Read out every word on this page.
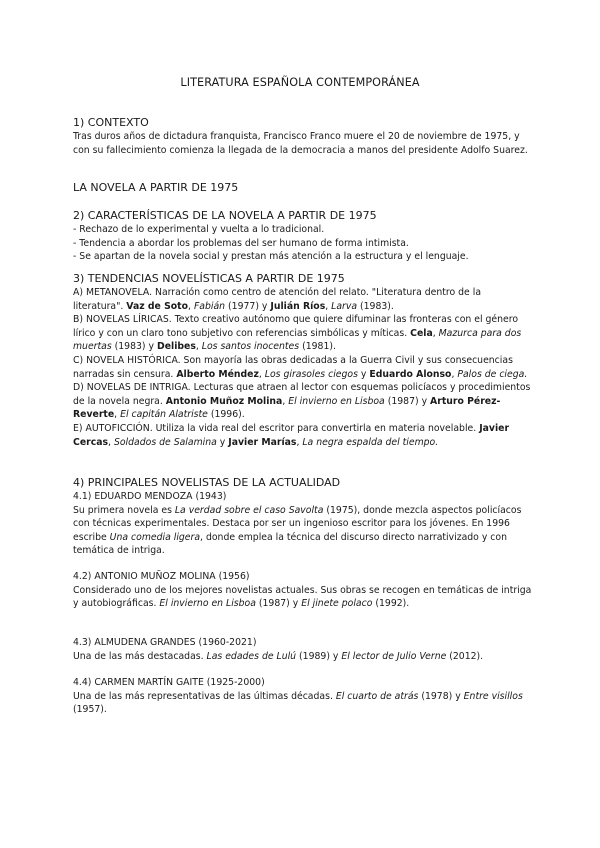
LITERATURA ESPAÑOLA CONTEMPORÁNEA
1) CONTEXTO

Tras duros años de dictadura franquista, Francisco Franco muere el 20 de noviembre de 1975, y con su fallecimiento comienza la llegada de la democracia a manos del presidente Adolfo Suarez.

LA NOVELA A PARTIR DE 1975
2) CARACTERÍSTICAS DE LA NOVELA A PARTIR DE 1975

- Rechazo de lo experimental y vuelta a lo tradicional.

- Tendencia a abordar los problemas del ser humano de forma intimista.

- Se apartan de la novela social y prestan más atención a la estructura y el lenguaje.

3) TENDENCIAS NOVELÍSTICAS A PARTIR DE 1975

A) METANOVELA. Narración como centro de atención del relato. "Literatura dentro de la literatura". Vaz de Soto, Fabián (1977) y Julián Ríos, Larva (1983).

B) NOVELAS LÍRICAS. Texto creativo autónomo que quiere difuminar las fronteras con el género lírico y con un claro tono subjetivo con referencias simbólicas y míticas. Cela, Mazurca para dos muertas (1983) y Delibes, Los santos inocentes (1981).

C) NOVELA HISTÓRICA. Son mayoría las obras dedicadas a la Guerra Civil y sus consecuencias narradas sin censura. Alberto Méndez, Los girasoles ciegos y Eduardo Alonso, Palos de ciega.

D) NOVELAS DE INTRIGA. Lecturas que atraen al lector con esquemas policíacos y procedimientos de la novela negra. Antonio Muñoz Molina, El invierno en Lisboa (1987) y Arturo Pérez-Reverte, El capitán Alatriste (1996).

E) AUTOFICCIÓN. Utiliza la vida real del escritor para convertirla en materia novelable. Javier Cercas, Soldados de Salamina y Javier Marías, La negra espalda del tiempo.

4) PRINCIPALES NOVELISTAS DE LA ACTUALIDAD

4.1) EDUARDO MENDOZA (1943)

Su primera novela es La verdad sobre el caso Savolta (1975), donde mezcla aspectos policíacos con técnicas experimentales. Destaca por ser un ingenioso escritor para los jóvenes. En 1996 escribe Una comedia ligera, donde emplea la técnica del discurso directo narrativizado y con temática de intriga.

4.2) ANTONIO MUÑOZ MOLINA (1956)

Considerado uno de los mejores novelistas actuales. Sus obras se recogen en temáticas de intriga y autobiográficas. El invierno en Lisboa (1987) y El jinete polaco (1992).

4.3) ALMUDENA GRANDES (1960-2021)

Una de las más destacadas. Las edades de Lulú (1989) y El lector de Julio Verne (2012).

4.4) CARMEN MARTÍN GAITE (1925-2000)

Una de las más representativas de las últimas décadas. El cuarto de atrás (1978) y Entre visillos (1957).
